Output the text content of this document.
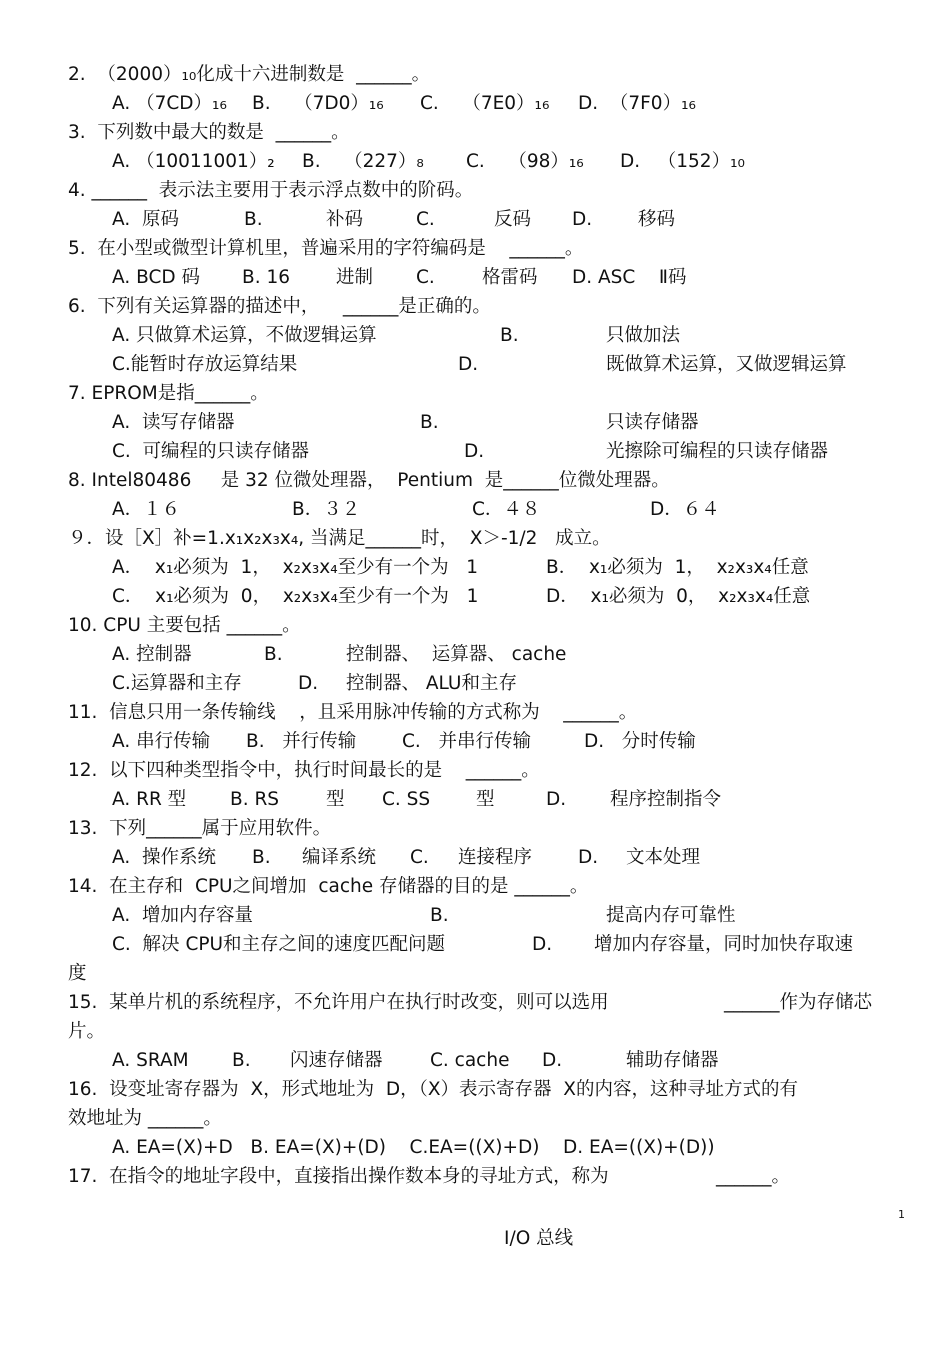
2.  （2000）₁₀化成十六进制数是  ______。
A. （7CD）₁₆ B.    （7D0）₁₆ C.    （7E0）₁₆ D.  （7F0）₁₆
3.  下列数中最大的数是  ______。
A. （10011001）₂ B.    （227）₈ C.    （98）₁₆ D.   （152）₁₀
4. ______  表示法主要用于表示浮点数中的阶码。
A.  原码	B.	补码	C.	反码 D. 移码
5.  在小型或微型计算机里，普遍采用的字符编码是    ______。
A. BCD 码 B. 16 进制 C.	格雷码 D. ASC    Ⅱ码
6.  下列有关运算器的描述中，    ______是正确的。
A. 只做算术运算，不做逻辑运算	B.	只做加法
C.能暂时存放运算结果	D.	既做算术运算，又做逻辑运算
7. EPROM是指______。
A.  读写存储器	B.	只读存储器
C.  可编程的只读存储器	D.	光擦除可编程的只读存储器
8. Intel80486     是 32 位微处理器，  Pentium  是______位微处理器。
A．１６	B．３２	C．４８	D．６４
９．设［X］补=1.x₁x₂x₃x₄, 当满足______时，  X＞-1/2   成立。
A．  x₁必须为  1，  x₂x₃x₄至少有一个为   1	B．  x₁必须为  1，  x₂x₃x₄任意
C．  x₁必须为  0，  x₂x₃x₄至少有一个为   1	D．  x₁必须为  0，  x₂x₃x₄任意
10. CPU 主要包括 ______。
A. 控制器	B.	控制器、  运算器、 cache
C.运算器和主存	D. 控制器、 ALU和主存
11.  信息只用一条传输线    ，且采用脉冲传输的方式称为    ______。
A. 串行传输 B.   并行传输 C.   并串行传输	D.   分时传输
12.  以下四种类型指令中，执行时间最长的是    ______。
A. RR 型 B. RS	型 C. SS 型	D. 程序控制指令
13.  下列______属于应用软件。
A.  操作系统 B. 编译系统 C. 连接程序 D. 文本处理
14.  在主存和  CPU之间增加  cache 存储器的目的是 ______。
A.  增加内存容量	B.	提高内存可靠性
C.  解决 CPU和主存之间的速度匹配问题	D. 增加内存容量，同时加快存取速
度
15.  某单片机的系统程序，不允许用户在执行时改变，则可以选用	______作为存储芯
片。
A. SRAM B. 闪速存储器	C. cache D.	辅助存储器
16.  设变址寄存器为  X，形式地址为  D，（X）表示寄存器  X的内容，这种寻址方式的有
效地址为 ______。
A. EA=(X)+D   B. EA=(X)+(D)    C.EA=((X)+D)    D. EA=((X)+(D))
17.  在指令的地址字段中，直接指出操作数本身的寻址方式，称为	______。
1
I/O 总线
